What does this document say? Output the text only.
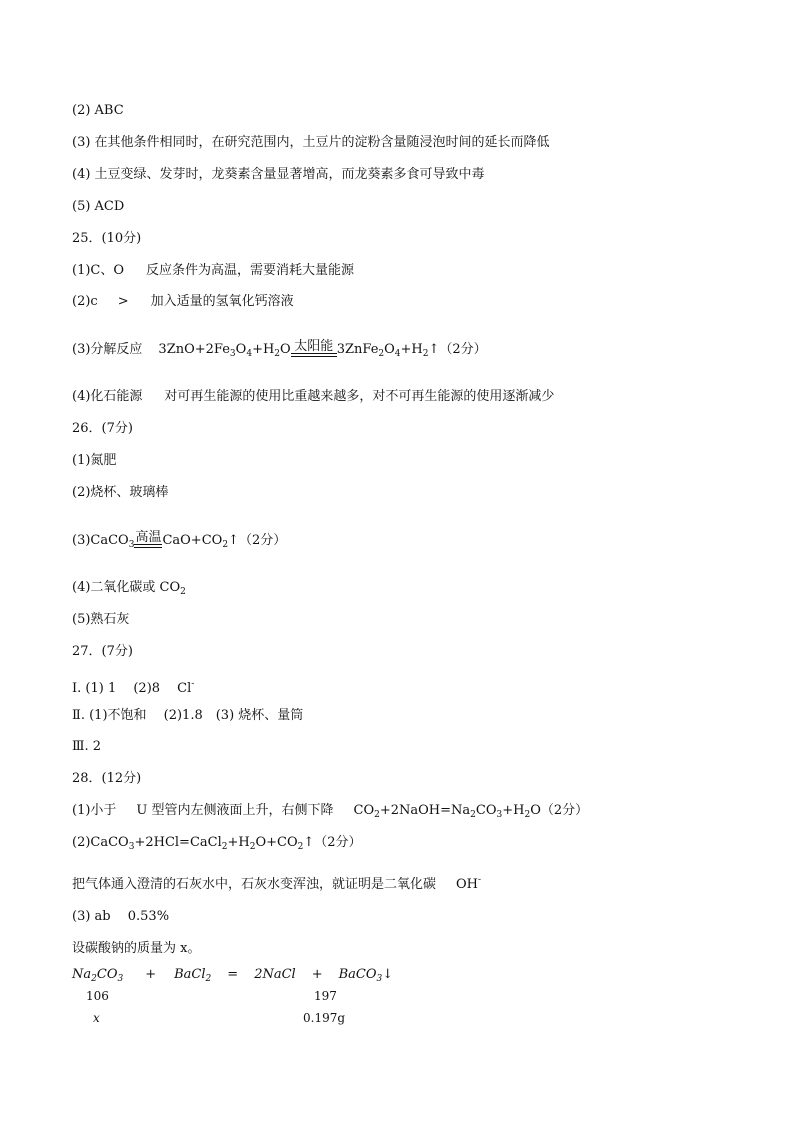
(2) ABC
(3) 在其他条件相同时，在研究范围内，土豆片的淀粉含量随浸泡时间的延长而降低
(4) 土豆变绿、发芽时，龙葵素含量显著增高，而龙葵素多食可导致中毒
(5) ACD
25．(10分)
(1)C、O 反应条件为高温，需要消耗大量能源
(2)c > 加入适量的氢氧化钙溶液
(3)分解反应 $3ZnO+2Fe_3O_4+H_2O$ 太阳能 $3ZnFe_2O_4+H_2↑(2$分）
(4)化石能源 对可再生能源的使用比重越来越多，对不可再生能源的使用逐渐减少
26．(7分)
(1)氮肥
(2)烧杯、玻璃棒
(3)CaCO$_3$ 高温 $CaO+CO_2↑(2$分）
(4)二氧化碳或 $CO_2$
(5)熟石灰
27．(7分)
Ⅰ. (1) 1　 (2)8　 Cl-
Ⅱ. (1)不饱和　 (2)1.8　(3) 烧杯、量筒
Ⅲ. 2
28．(12分)
(1)小于 U 型管内左侧液面上升，右侧下降 $CO_2+2NaOH=Na_2CO_3+H_2O(2$分）
$(2)CaCO_3+2HCl=CaCl_2+H_2O+CO_2↑(2$分）
把气体通入澄清的石灰水中，石灰水变浑浊，就证明是二氧化碳 OH-
(3) ab　 0.53%
设碳酸钠的质量为 x。
$Na_2CO_3$ + BaCl$_2$ = 2NaCl + BaCO$_3$↓
106	197
x	0.197g
